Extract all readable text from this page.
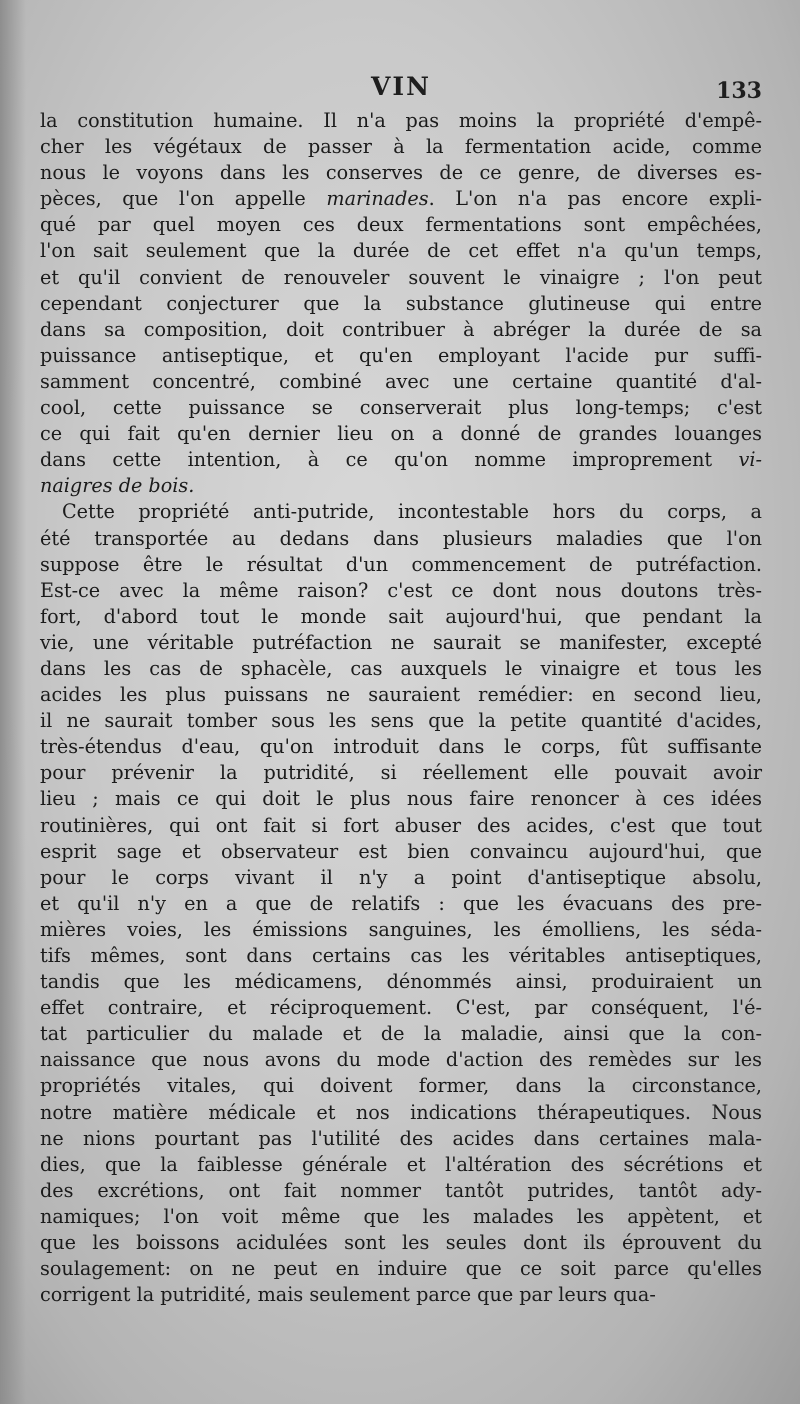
VIN	133
la constitution humaine. Il n'a pas moins la propriété d'empê-
cher les végétaux de passer à la fermentation acide, comme
nous le voyons dans les conserves de ce genre, de diverses es-
pèces, que l'on appelle marinades. L'on n'a pas encore expli-
qué par quel moyen ces deux fermentations sont empêchées,
l'on sait seulement que la durée de cet effet n'a qu'un temps,
et qu'il convient de renouveler souvent le vinaigre ; l'on peut
cependant conjecturer que la substance glutineuse qui entre
dans sa composition, doit contribuer à abréger la durée de sa
puissance antiseptique, et qu'en employant l'acide pur suffi-
samment concentré, combiné avec une certaine quantité d'al-
cool, cette puissance se conserverait plus long-temps; c'est
ce qui fait qu'en dernier lieu on a donné de grandes louanges
dans cette intention, à ce qu'on nomme improprement vi-
naigres de bois.
Cette propriété anti-putride, incontestable hors du corps, a
été transportée au dedans dans plusieurs maladies que l'on
suppose être le résultat d'un commencement de putréfaction.
Est-ce avec la même raison? c'est ce dont nous doutons très-
fort, d'abord tout le monde sait aujourd'hui, que pendant la
vie, une véritable putréfaction ne saurait se manifester, excepté
dans les cas de sphacèle, cas auxquels le vinaigre et tous les
acides les plus puissans ne sauraient remédier: en second lieu,
il ne saurait tomber sous les sens que la petite quantité d'acides,
très-étendus d'eau, qu'on introduit dans le corps, fût suffisante
pour prévenir la putridité, si réellement elle pouvait avoir
lieu ; mais ce qui doit le plus nous faire renoncer à ces idées
routinières, qui ont fait si fort abuser des acides, c'est que tout
esprit sage et observateur est bien convaincu aujourd'hui, que
pour le corps vivant il n'y a point d'antiseptique absolu,
et qu'il n'y en a que de relatifs : que les évacuans des pre-
mières voies, les émissions sanguines, les émolliens, les séda-
tifs mêmes, sont dans certains cas les véritables antiseptiques,
tandis que les médicamens, dénommés ainsi, produiraient un
effet contraire, et réciproquement. C'est, par conséquent, l'é-
tat particulier du malade et de la maladie, ainsi que la con-
naissance que nous avons du mode d'action des remèdes sur les
propriétés vitales, qui doivent former, dans la circonstance,
notre matière médicale et nos indications thérapeutiques. Nous
ne nions pourtant pas l'utilité des acides dans certaines mala-
dies, que la faiblesse générale et l'altération des sécrétions et
des excrétions, ont fait nommer tantôt putrides, tantôt ady-
namiques; l'on voit même que les malades les appètent, et
que les boissons acidulées sont les seules dont ils éprouvent du
soulagement: on ne peut en induire que ce soit parce qu'elles
corrigent la putridité, mais seulement parce que par leurs qua-
